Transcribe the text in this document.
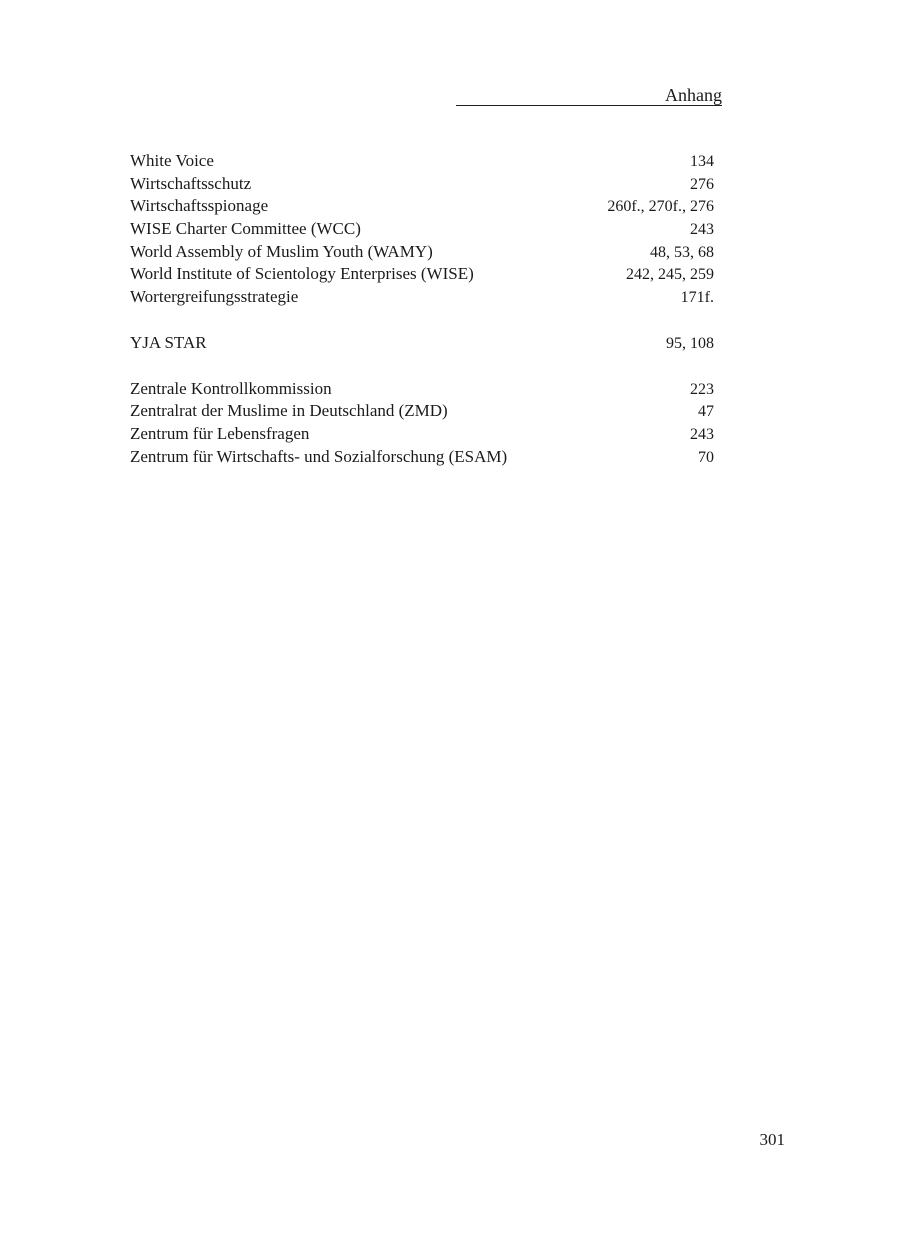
Anhang
White Voice	134
Wirtschaftsschutz	276
Wirtschaftsspionage	260f., 270f., 276
WISE Charter Committee (WCC)	243
World Assembly of Muslim Youth (WAMY)	48, 53, 68
World Institute of Scientology Enterprises (WISE)	242, 245, 259
Wortergreifungsstrategie	171f.
YJA STAR	95, 108
Zentrale Kontrollkommission	223
Zentralrat der Muslime in Deutschland (ZMD)	47
Zentrum für Lebensfragen	243
Zentrum für Wirtschafts- und Sozialforschung (ESAM)	70
301
